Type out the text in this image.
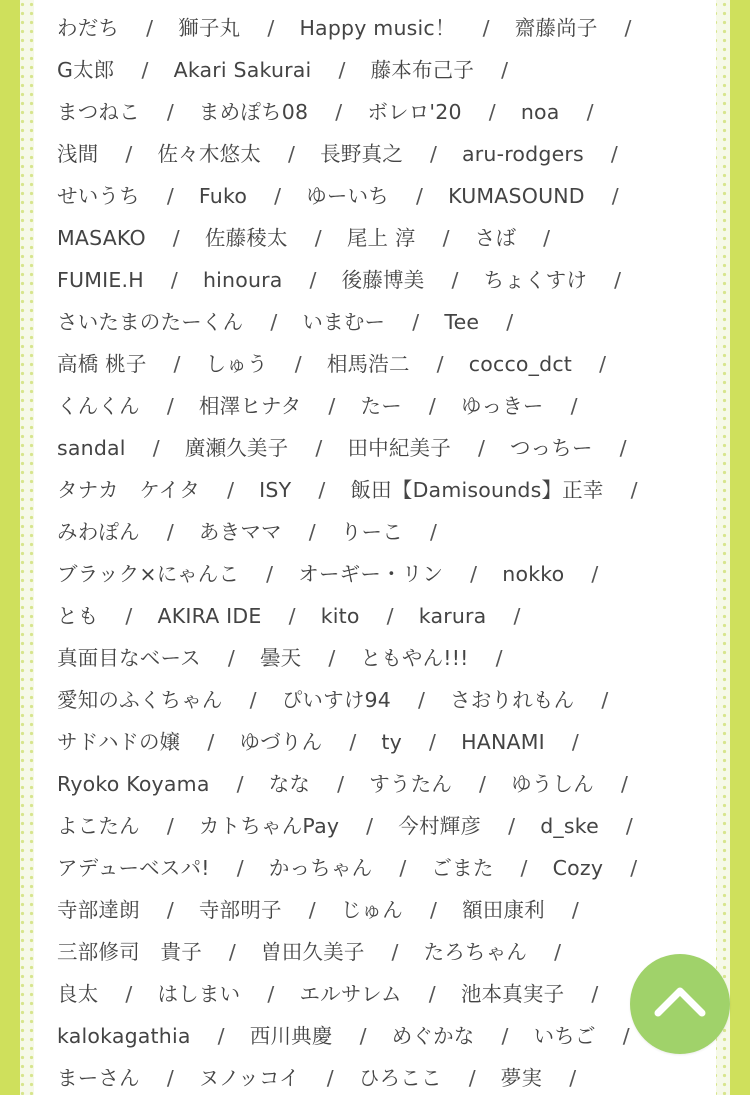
わだち / 獅子丸 / Happy music！ / 齋藤尚子 /
G太郎 / Akari Sakurai / 藤本布己子 /
まつねこ / まめぽち08 / ボレロ'20 / noa /
浅間 / 佐々木悠太 / 長野真之 / aru-rodgers /
せいうち / Fuko / ゆーいち / KUMASOUND /
MASAKO / 佐藤稜太 / 尾上 淳 / さば /
FUMIE.H / hinoura / 後藤博美 / ちょくすけ /
さいたまのたーくん / いまむー / Tee /
高橋 桃子 / しゅう / 相馬浩二 / cocco_dct /
くんくん / 相澤ヒナタ / たー / ゆっきー /
sandal / 廣瀬久美子 / 田中紀美子 / つっちー /
タナカ　ケイタ / ISY / 飯田【Damisounds】正幸 /
みわぽん / あきママ / りーこ /
ブラック×にゃんこ / オーギー・リン / nokko /
とも / AKIRA IDE / kito / karura /
真面目なベース / 曇天 / ともやん!!! /
愛知のふくちゃん / ぴいすけ94 / さおりれもん /
サドハドの嬢 / ゆづりん / ty / HANAMI /
Ryoko Koyama / なな / すうたん / ゆうしん /
よこたん / カトちゃんPay / 今村輝彦 / d_ske /
アデューベスパ! / かっちゃん / ごまた / Cozy /
寺部達朗 / 寺部明子 / じゅん / 額田康利 /
三部修司　貴子 / 曽田久美子 / たろちゃん /
良太 / はしまい / エルサレム / 池本真実子 /
kalokagathia / 西川典慶 / めぐかな / いちご /
まーさん / ヌノッコイ / ひろここ / 夢実 /
